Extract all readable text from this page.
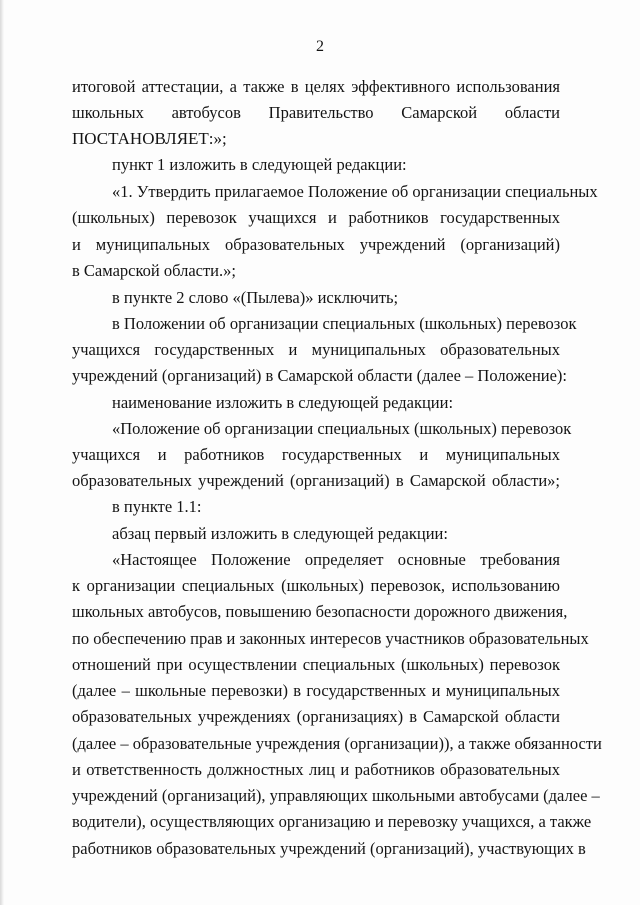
2
итоговой аттестации, а также в целях эффективного использования
школьных автобусов Правительство Самарской области
ПОСТАНОВЛЯЕТ:»;
пункт 1 изложить в следующей редакции:
«1. Утвердить прилагаемое Положение об организации специальных
(школьных) перевозок учащихся и работников государственных
и муниципальных образовательных учреждений (организаций)
в Самарской области.»;
в пункте 2 слово «(Пылева)» исключить;
в Положении об организации специальных (школьных) перевозок
учащихся государственных и муниципальных образовательных
учреждений (организаций) в Самарской области (далее – Положение):
наименование изложить в следующей редакции:
«Положение об организации специальных (школьных) перевозок
учащихся и работников государственных и муниципальных
образовательных учреждений (организаций) в Самарской области»;
в пункте 1.1:
абзац первый изложить в следующей редакции:
«Настоящее Положение определяет основные требования
к организации специальных (школьных) перевозок, использованию
школьных автобусов, повышению безопасности дорожного движения,
по обеспечению прав и законных интересов участников образовательных
отношений при осуществлении специальных (школьных) перевозок
(далее – школьные перевозки) в государственных и муниципальных
образовательных учреждениях (организациях) в Самарской области
(далее – образовательные учреждения (организации)), а также обязанности
и ответственность должностных лиц и работников образовательных
учреждений (организаций), управляющих школьными автобусами (далее –
водители), осуществляющих организацию и перевозку учащихся, а также
работников образовательных учреждений (организаций), участвующих в
